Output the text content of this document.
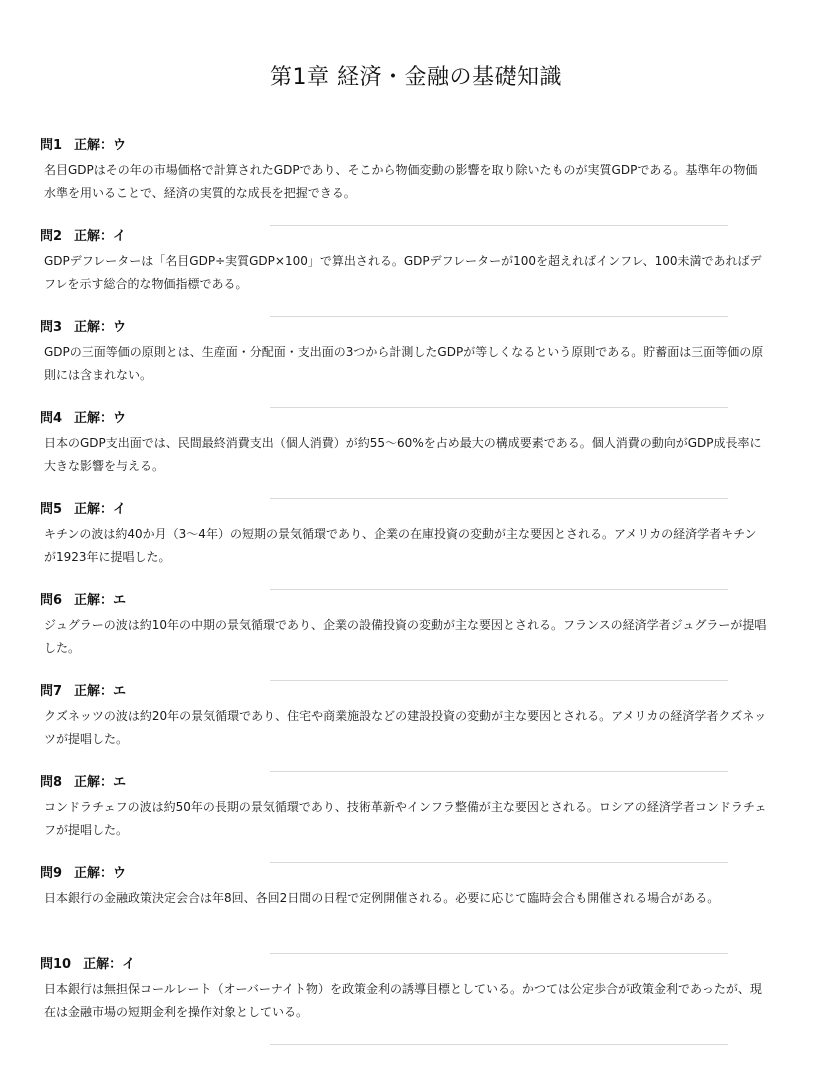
第1章 経済・金融の基礎知識
問1 正解：ウ

名目GDPはその年の市場価格で計算されたGDPであり、そこから物価変動の影響を取り除いたものが実質GDPである。基準年の物価水準を用いることで、経済の実質的な成長を把握できる。

問2 正解：イ

GDPデフレーターは「名目GDP÷実質GDP×100」で算出される。GDPデフレーターが100を超えればインフレ、100未満であればデフレを示す総合的な物価指標である。

問3 正解：ウ

GDPの三面等価の原則とは、生産面・分配面・支出面の3つから計測したGDPが等しくなるという原則である。貯蓄面は三面等価の原則には含まれない。

問4 正解：ウ

日本のGDP支出面では、民間最終消費支出（個人消費）が約55〜60%を占め最大の構成要素である。個人消費の動向がGDP成長率に大きな影響を与える。

問5 正解：イ

キチンの波は約40か月（3〜4年）の短期の景気循環であり、企業の在庫投資の変動が主な要因とされる。アメリカの経済学者キチンが1923年に提唱した。

問6 正解：エ

ジュグラーの波は約10年の中期の景気循環であり、企業の設備投資の変動が主な要因とされる。フランスの経済学者ジュグラーが提唱した。

問7 正解：エ

クズネッツの波は約20年の景気循環であり、住宅や商業施設などの建設投資の変動が主な要因とされる。アメリカの経済学者クズネッツが提唱した。

問8 正解：エ

コンドラチェフの波は約50年の長期の景気循環であり、技術革新やインフラ整備が主な要因とされる。ロシアの経済学者コンドラチェフが提唱した。

問9 正解：ウ

日本銀行の金融政策決定会合は年8回、各回2日間の日程で定例開催される。必要に応じて臨時会合も開催される場合がある。

問10 正解：イ

日本銀行は無担保コールレート（オーバーナイト物）を政策金利の誘導目標としている。かつては公定歩合が政策金利であったが、現在は金融市場の短期金利を操作対象としている。
